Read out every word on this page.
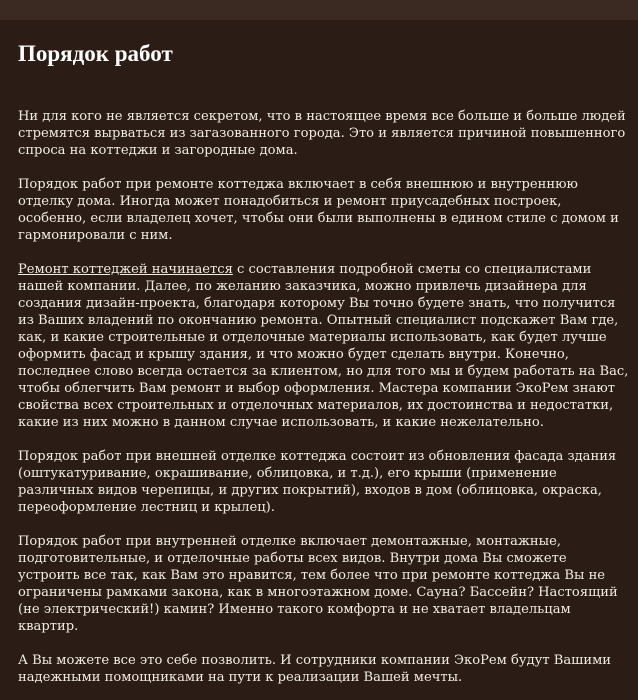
Порядок работ

Ни для кого не является секретом, что в настоящее время все больше и больше людей стремятся вырваться из загазованного города. Это и является причиной повышенного спроса на коттеджи и загородные дома.

Порядок работ при ремонте коттеджа включает в себя внешнюю и внутреннюю отделку дома. Иногда может понадобиться и ремонт приусадебных построек, особенно, если владелец хочет, чтобы они были выполнены в едином стиле с домом и гармонировали с ним.

Ремонт коттеджей начинается с составления подробной сметы со специалистами нашей компании. Далее, по желанию заказчика, можно привлечь дизайнера для создания дизайн-проекта, благодаря которому Вы точно будете знать, что получится из Ваших владений по окончанию ремонта. Опытный специалист подскажет Вам где, как, и какие строительные и отделочные материалы использовать, как будет лучше оформить фасад и крышу здания, и что можно будет сделать внутри. Конечно, последнее слово всегда остается за клиентом, но для того мы и будем работать на Вас, чтобы облегчить Вам ремонт и выбор оформления. Мастера компании ЭкоРем знают свойства всех строительных и отделочных материалов, их достоинства и недостатки, какие из них можно в данном случае использовать, и какие нежелательно.

Порядок работ при внешней отделке коттеджа состоит из обновления фасада здания (оштукатуривание, окрашивание, облицовка, и т.д.), его крыши (применение различных видов черепицы, и других покрытий), входов в дом (облицовка, окраска, переоформление лестниц и крылец).

Порядок работ при внутренней отделке включает демонтажные, монтажные, подготовительные, и отделочные работы всех видов. Внутри дома Вы сможете устроить все так, как Вам это нравится, тем более что при ремонте коттеджа Вы не ограничены рамками закона, как в многоэтажном доме. Сауна? Бассейн? Настоящий (не электрический!) камин? Именно такого комфорта и не хватает владельцам квартир.

А Вы можете все это себе позволить. И сотрудники компании ЭкоРем будут Вашими надежными помощниками на пути к реализации Вашей мечты.
